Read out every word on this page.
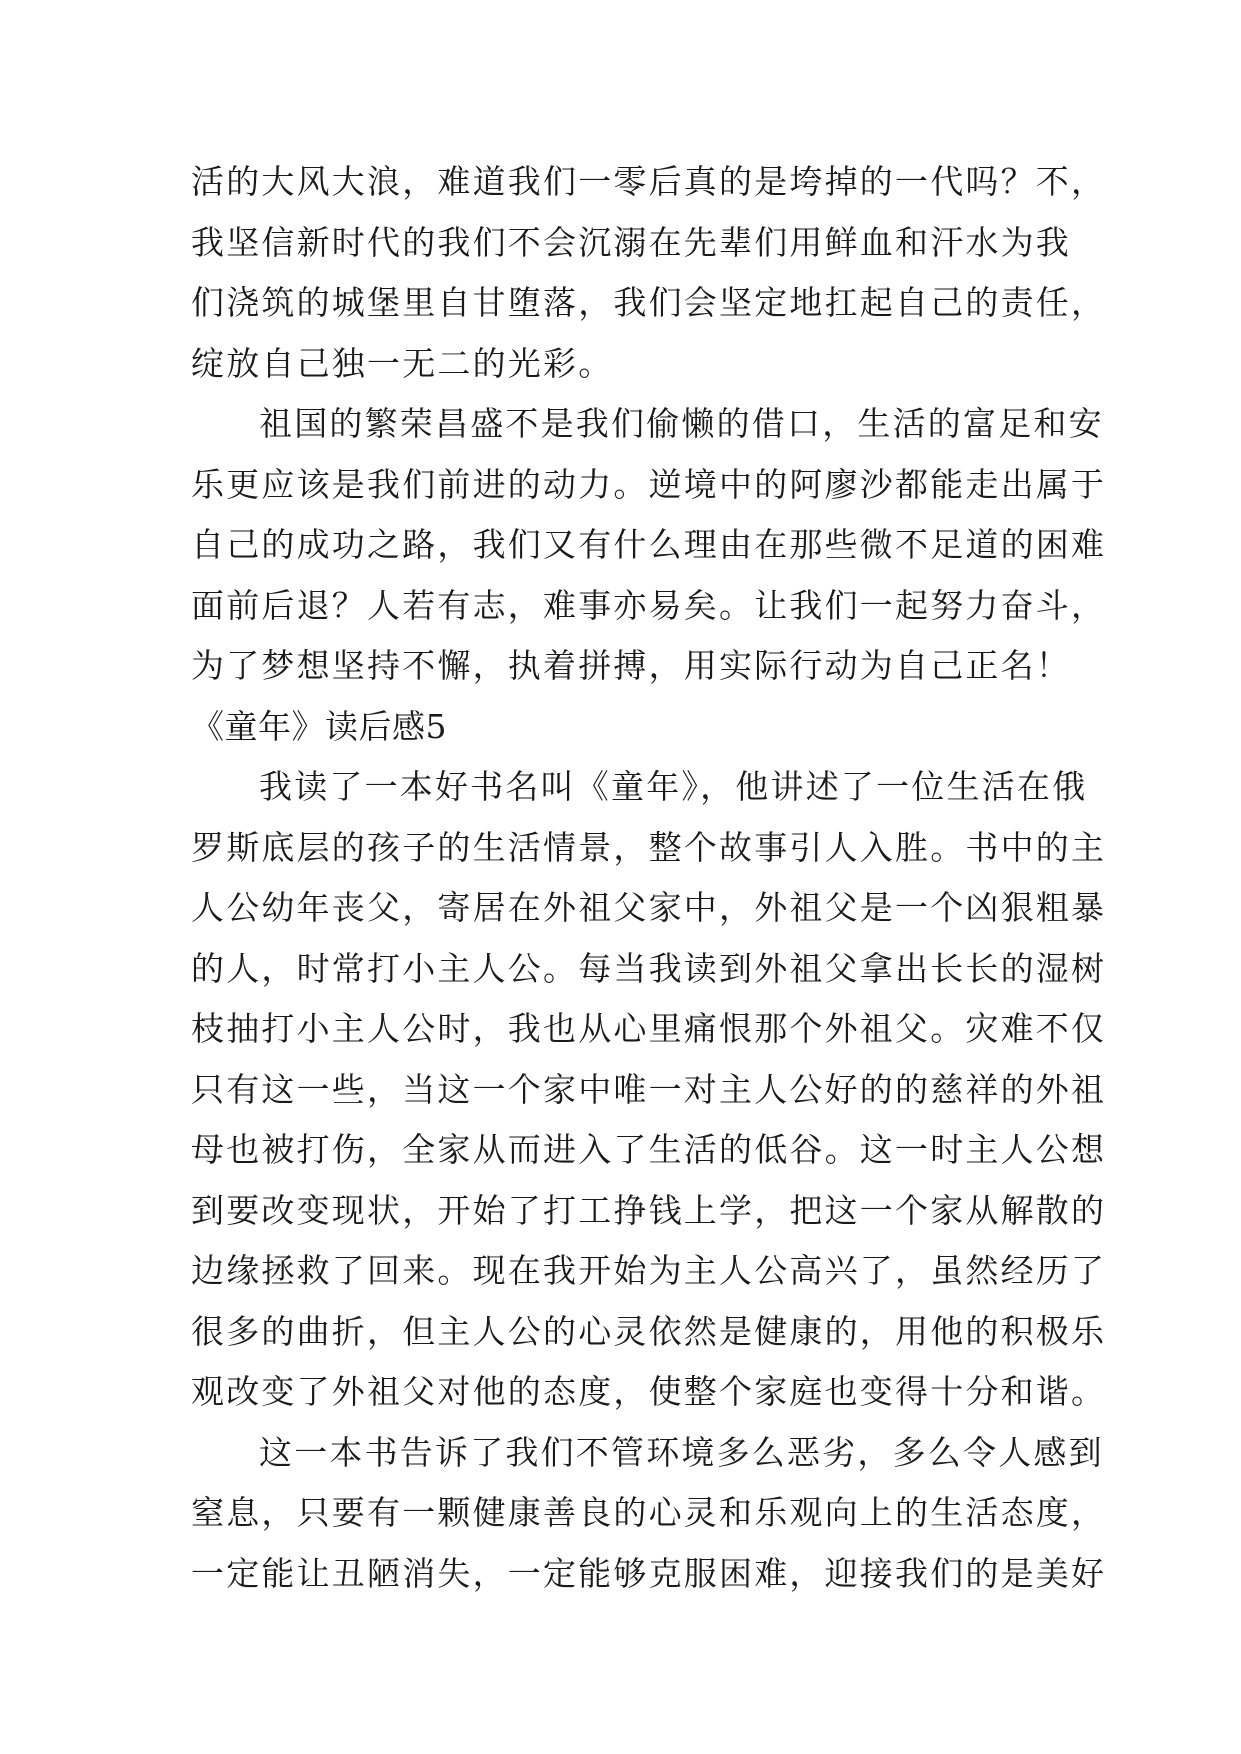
活的大风大浪，难道我们一零后真的是垮掉的一代吗？不，
我坚信新时代的我们不会沉溺在先辈们用鲜血和汗水为我
们浇筑的城堡里自甘堕落，我们会坚定地扛起自己的责任，
绽放自己独一无二的光彩。
祖国的繁荣昌盛不是我们偷懒的借口，生活的富足和安
乐更应该是我们前进的动力。逆境中的阿廖沙都能走出属于
自己的成功之路，我们又有什么理由在那些微不足道的困难
面前后退？人若有志，难事亦易矣。让我们一起努力奋斗，
为了梦想坚持不懈，执着拼搏，用实际行动为自己正名！
《童年》读后感5
我读了一本好书名叫《童年》，他讲述了一位生活在俄
罗斯底层的孩子的生活情景，整个故事引人入胜。书中的主
人公幼年丧父，寄居在外祖父家中，外祖父是一个凶狠粗暴
的人，时常打小主人公。每当我读到外祖父拿出长长的湿树
枝抽打小主人公时，我也从心里痛恨那个外祖父。灾难不仅
只有这一些，当这一个家中唯一对主人公好的的慈祥的外祖
母也被打伤，全家从而进入了生活的低谷。这一时主人公想
到要改变现状，开始了打工挣钱上学，把这一个家从解散的
边缘拯救了回来。现在我开始为主人公高兴了，虽然经历了
很多的曲折，但主人公的心灵依然是健康的，用他的积极乐
观改变了外祖父对他的态度，使整个家庭也变得十分和谐。
这一本书告诉了我们不管环境多么恶劣，多么令人感到
窒息，只要有一颗健康善良的心灵和乐观向上的生活态度，
一定能让丑陋消失，一定能够克服困难，迎接我们的是美好
